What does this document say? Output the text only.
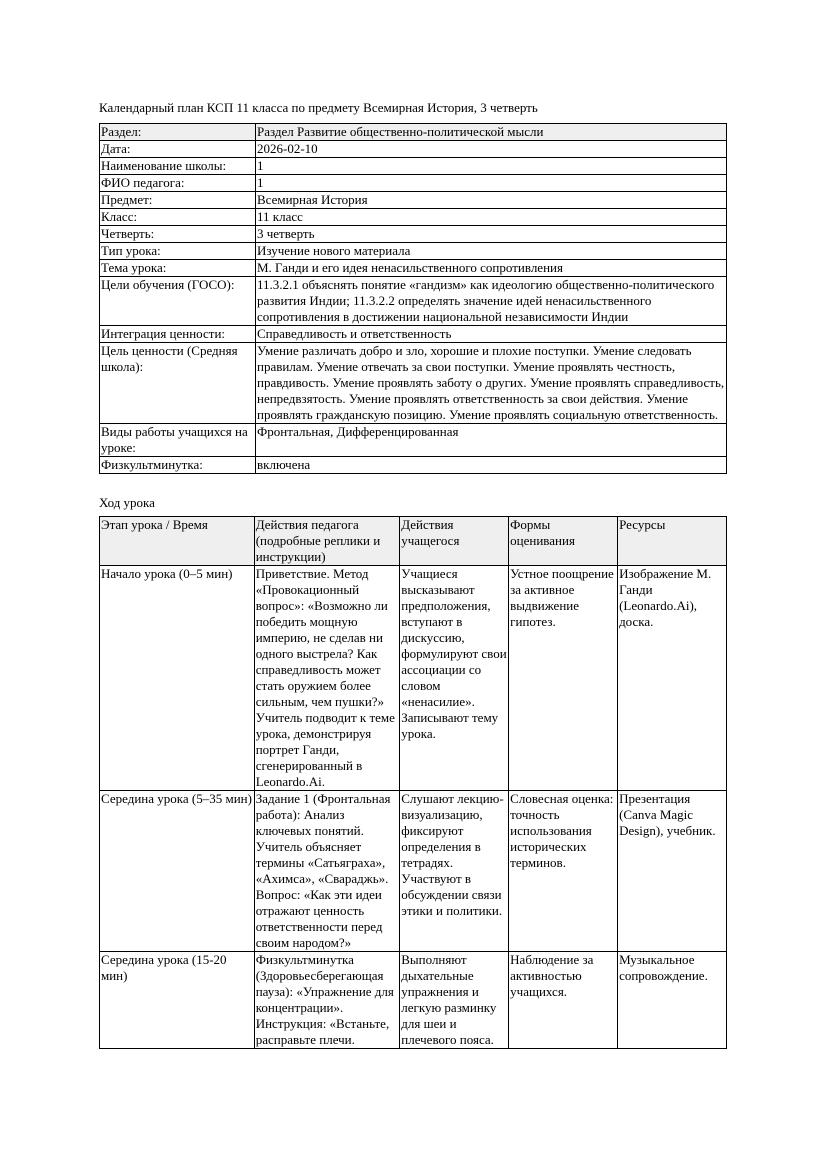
Календарный план КСП 11 класса по предмету Всемирная История, 3 четверть
Раздел:	Раздел Развитие общественно-политической мысли
Дата:	2026-02-10
Наименование школы:	1
ФИО педагога:	1
Предмет:	Всемирная История
Класс:	11 класс
Четверть:	3 четверть
Тип урока:	Изучение нового материала
Тема урока:	М. Ганди и его идея ненасильственного сопротивления
Цели обучения (ГОСО):	11.3.2.1 объяснять понятие «гандизм» как идеологию общественно-политического развития Индии; 11.3.2.2 определять значение идей ненасильственного сопротивления в достижении национальной независимости Индии
Интеграция ценности:	Справедливость и ответственность
Цель ценности (Средняя школа):	Умение различать добро и зло, хорошие и плохие поступки. Умение следовать правилам. Умение отвечать за свои поступки. Умение проявлять честность, правдивость. Умение проявлять заботу о других. Умение проявлять справедливость, непредвзятость. Умение проявлять ответственность за свои действия. Умение проявлять гражданскую позицию. Умение проявлять социальную ответственность.
Виды работы учащихся на уроке:	Фронтальная, Дифференцированная
Физкультминутка:	включена
Ход урока
Этап урока / Время	Действия педагога (подробные реплики и инструкции)	Действия учащегося	Формы оценивания	Ресурсы
Начало урока (0–5 мин)	Приветствие. Метод «Провокационный вопрос»: «Возможно ли победить мощную империю, не сделав ни одного выстрела? Как справедливость может стать оружием более сильным, чем пушки?» Учитель подводит к теме урока, демонстрируя портрет Ганди, сгенерированный в Leonardo.Ai.	Учащиеся высказывают предположения, вступают в дискуссию, формулируют свои ассоциации со словом «ненасилие». Записывают тему урока.	Устное поощрение за активное выдвижение гипотез.	Изображение М. Ганди (Leonardo.Ai), доска.
Середина урока (5–35 мин)	Задание 1 (Фронтальная работа): Анализ ключевых понятий. Учитель объясняет термины «Сатьяграха», «Ахимса», «Свараджь». Вопрос: «Как эти идеи отражают ценность ответственности перед своим народом?»	Слушают лекцию-визуализацию, фиксируют определения в тетрадях. Участвуют в обсуждении связи этики и политики.	Словесная оценка: точность использования исторических терминов.	Презентация (Canva Magic Design), учебник.
Середина урока (15-20 мин)	Физкультминутка (Здоровьесберегающая пауза): «Упражнение для концентрации». Инструкция: «Встаньте, расправьте плечи.	Выполняют дыхательные упражнения и легкую разминку для шеи и плечевого пояса.	Наблюдение за активностью учащихся.	Музыкальное сопровождение.
